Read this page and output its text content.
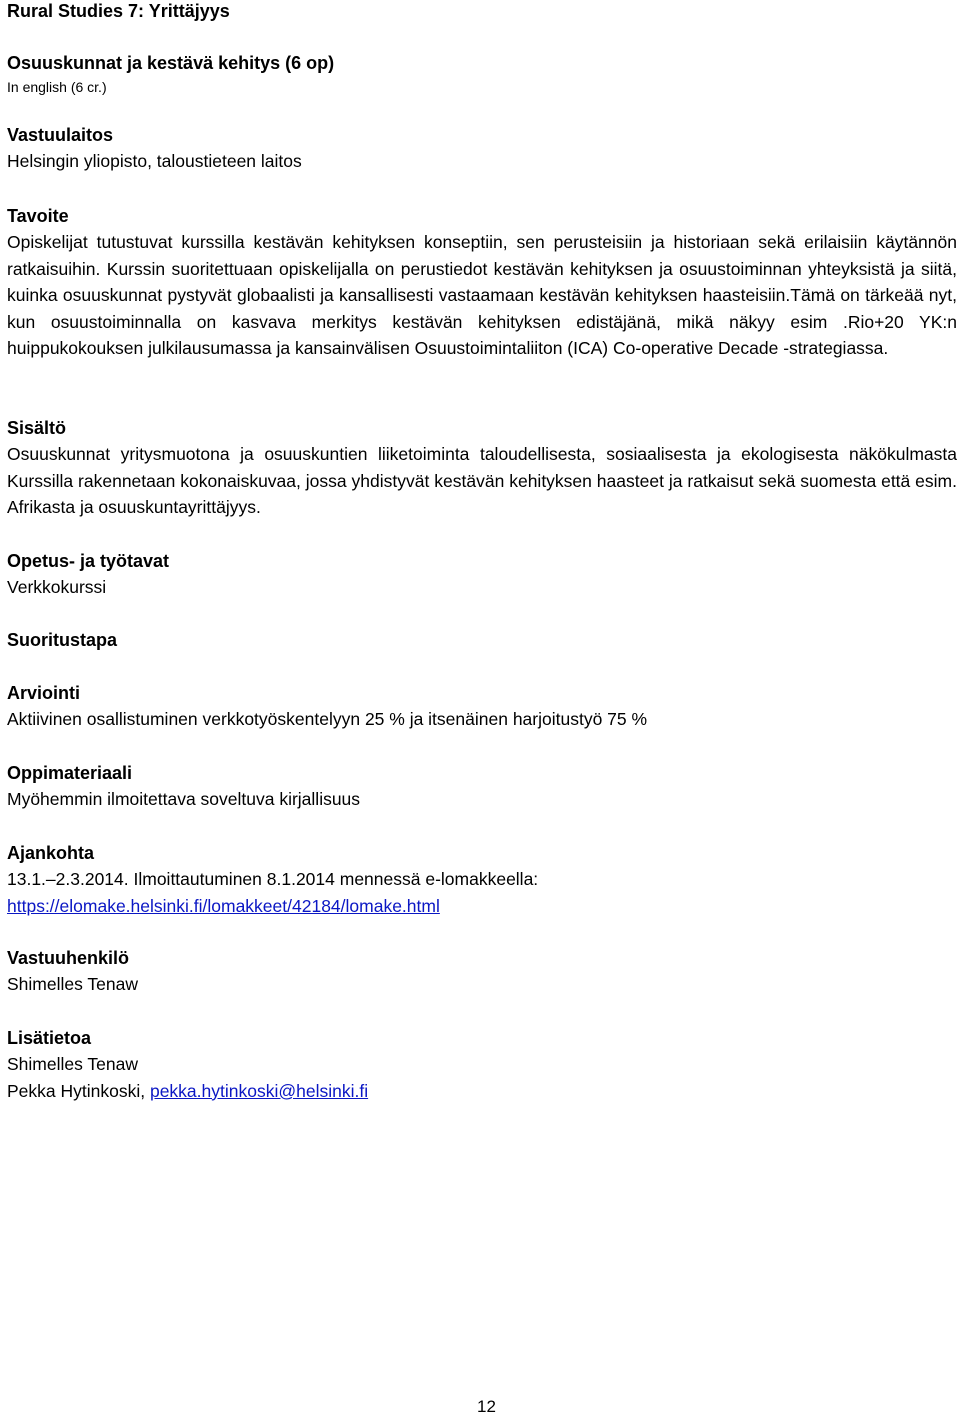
Rural Studies 7: Yrittäjyys
Osuuskunnat ja kestävä kehitys (6 op)
In english (6 cr.)
Vastuulaitos
Helsingin yliopisto, taloustieteen laitos
Tavoite
Opiskelijat tutustuvat kurssilla kestävän kehityksen konseptiin, sen perusteisiin ja historiaan sekä erilaisiin käytännön ratkaisuihin. Kurssin suoritettuaan opiskelijalla on perustiedot kestävän kehityksen ja osuustoiminnan yhteyksistä ja siitä, kuinka osuuskunnat pystyvät globaalisti ja kansallisesti vastaamaan kestävän kehityksen haasteisiin.Tämä on tärkeää nyt, kun osuustoiminnalla on kasvava merkitys kestävän kehityksen edistäjänä, mikä näkyy esim .Rio+20 YK:n huippukokouksen julkilausumassa ja kansainvälisen Osuustoimintaliiton (ICA) Co-operative Decade -strategiassa.
Sisältö
Osuuskunnat yritysmuotona ja osuuskuntien liiketoiminta taloudellisesta, sosiaalisesta ja ekologisesta näkökulmasta Kurssilla rakennetaan kokonaiskuvaa, jossa yhdistyvät kestävän kehityksen haasteet ja ratkaisut sekä suomesta että esim. Afrikasta ja osuuskuntayrittäjyys.
Opetus- ja työtavat
Verkkokurssi
Suoritustapa
Arviointi
Aktiivinen osallistuminen verkkotyöskentelyyn 25 % ja itsenäinen harjoitustyö 75 %
Oppimateriaali
Myöhemmin ilmoitettava soveltuva kirjallisuus
Ajankohta
13.1.–2.3.2014. Ilmoittautuminen 8.1.2014 mennessä e-lomakkeella:
https://elomake.helsinki.fi/lomakkeet/42184/lomake.html
Vastuuhenkilö
Shimelles Tenaw
Lisätietoa
Shimelles Tenaw
Pekka Hytinkoski, pekka.hytinkoski@helsinki.fi
12
